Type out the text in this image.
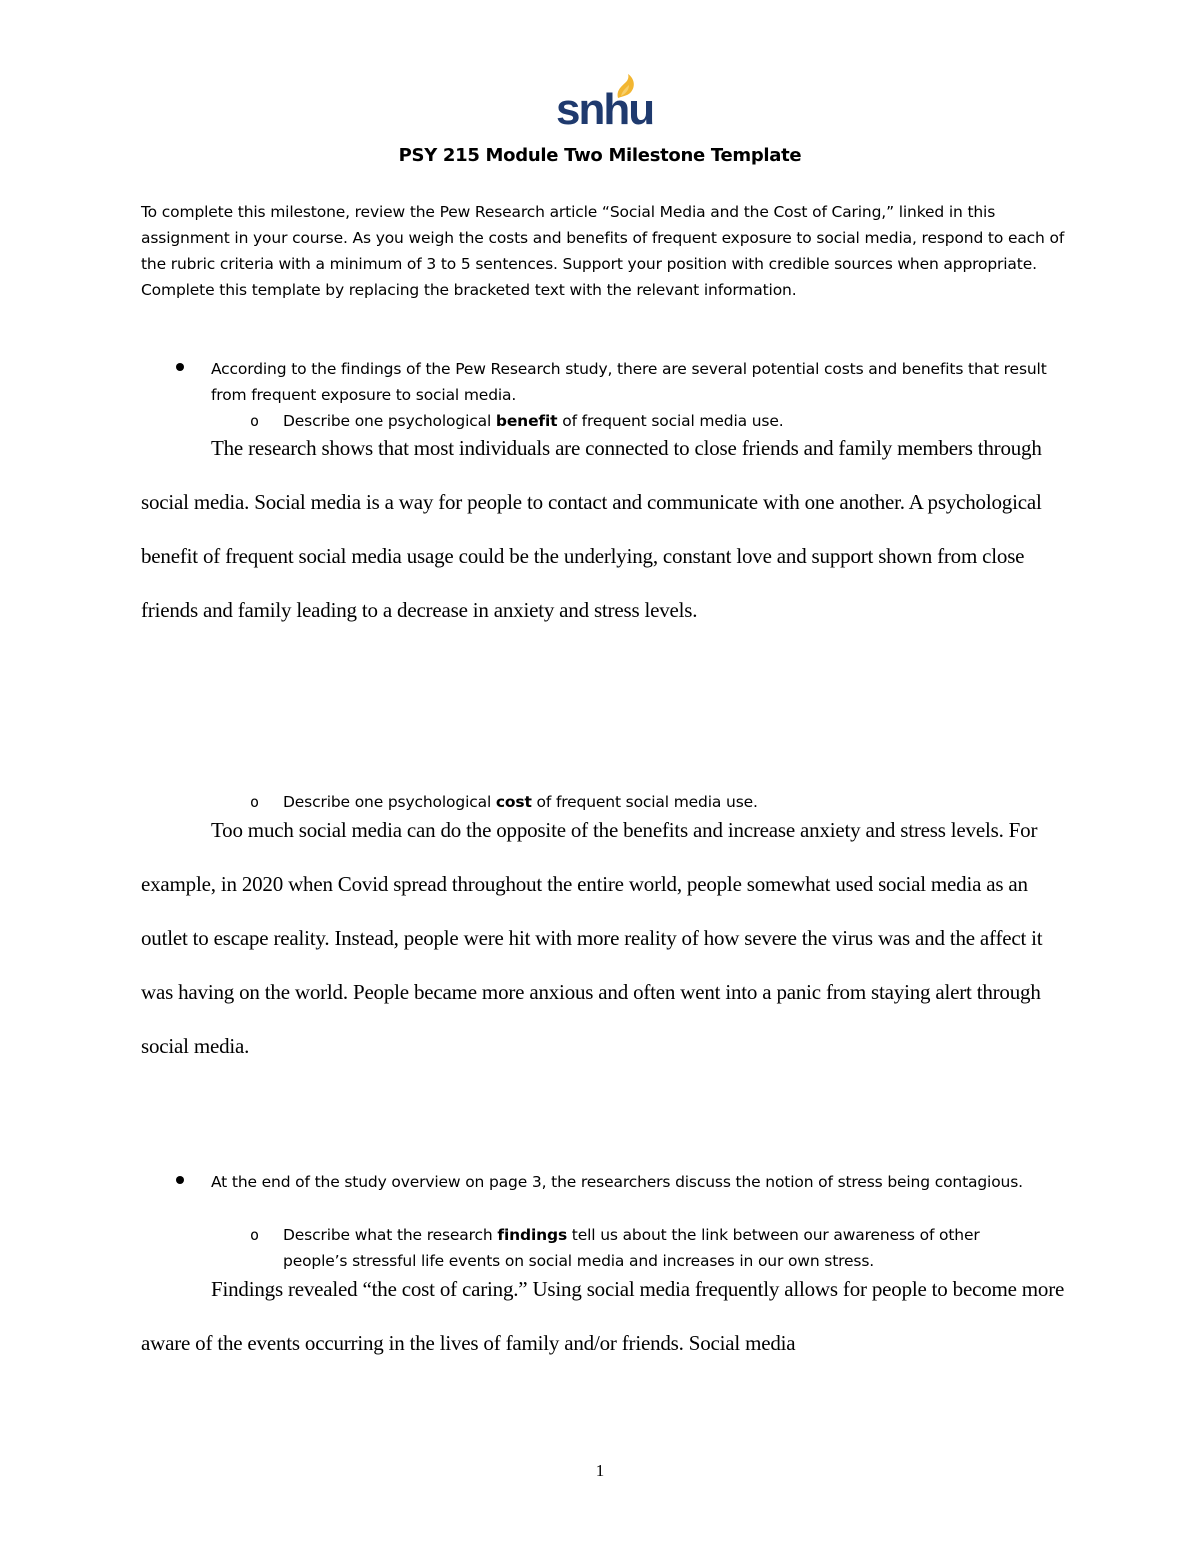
snhu
PSY 215 Module Two Milestone Template
To complete this milestone, review the Pew Research article “Social Media and the Cost of Caring,” linked in this assignment in your course. As you weigh the costs and benefits of frequent exposure to social media, respond to each of the rubric criteria with a minimum of 3 to 5 sentences. Support your position with credible sources when appropriate. Complete this template by replacing the bracketed text with the relevant information.
According to the findings of the Pew Research study, there are several potential costs and benefits that result from frequent exposure to social media.
o Describe one psychological benefit of frequent social media use.

The research shows that most individuals are connected to close friends and family members through social media. Social media is a way for people to contact and communicate with one another. A psychological benefit of frequent social media usage could be the underlying, constant love and support shown from close friends and family leading to a decrease in anxiety and stress levels.

o Describe one psychological cost of frequent social media use.

Too much social media can do the opposite of the benefits and increase anxiety and stress levels. For example, in 2020 when Covid spread throughout the entire world, people somewhat used social media as an outlet to escape reality. Instead, people were hit with more reality of how severe the virus was and the affect it was having on the world. People became more anxious and often went into a panic from staying alert through social media.

At the end of the study overview on page 3, the researchers discuss the notion of stress being contagious.
o Describe what the research findings tell us about the link between our awareness of other people’s stressful life events on social media and increases in our own stress.

Findings revealed “the cost of caring.” Using social media frequently allows for people to become more aware of the events occurring in the lives of family and/or friends. Social media

1
